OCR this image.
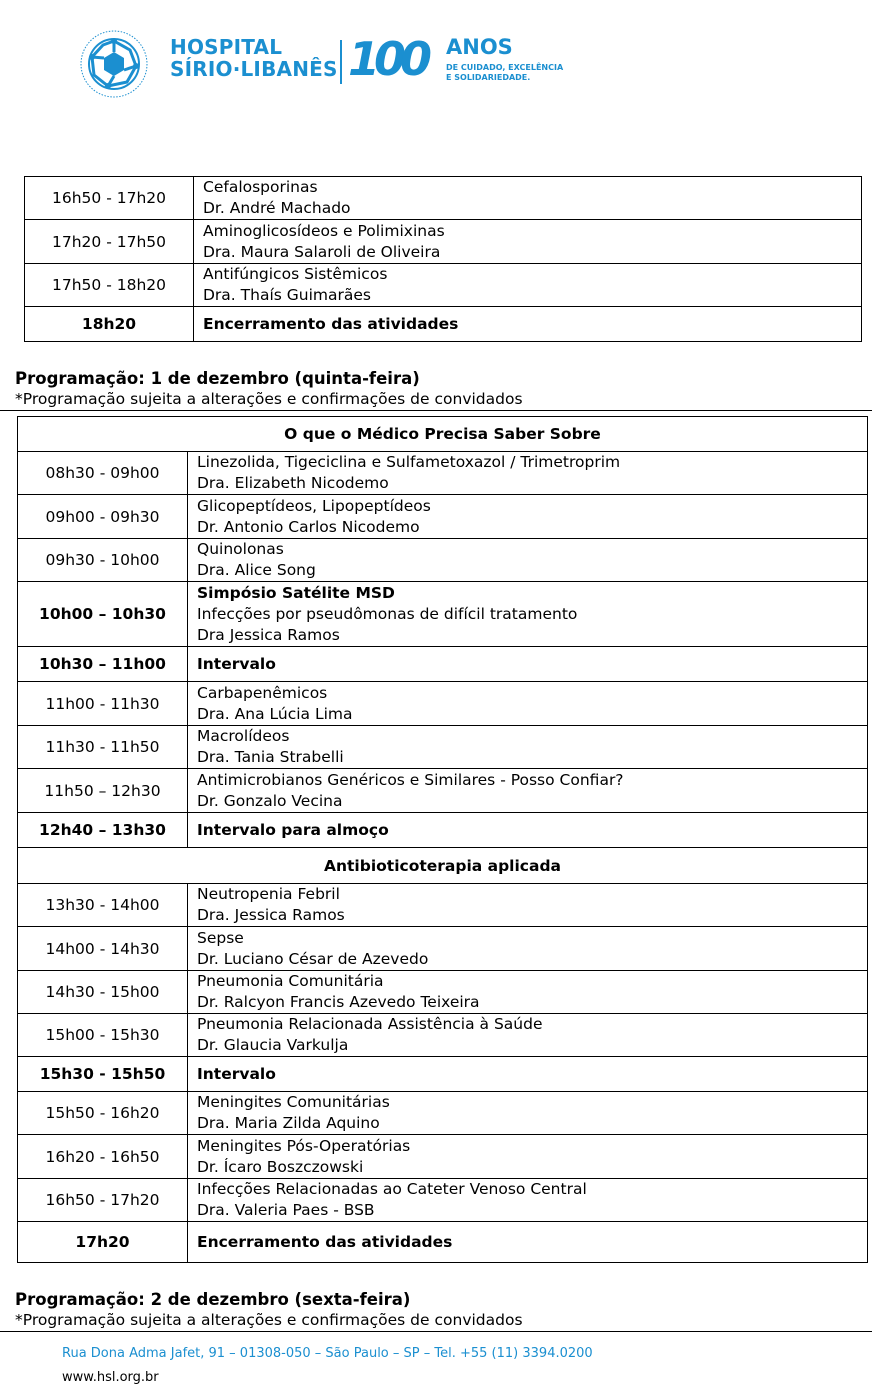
HOSPITAL
SÍRIO·LIBANÊS 100 ANOS
DE CUIDADO, EXCELÊNCIA
E SOLIDARIEDADE.
16h50 - 17h20	Cefalosporinas
Dr. André Machado

17h20 - 17h50	Aminoglicosídeos e Polimixinas
Dra. Maura Salaroli de Oliveira

17h50 - 18h20	Antifúngicos Sistêmicos
Dra. Thaís Guimarães

18h20	Encerramento das atividades
Programação: 1 de dezembro (quinta-feira)
*Programação sujeita a alterações e confirmações de convidados
O que o Médico Precisa Saber Sobre	
08h30 - 09h00	Linezolida, Tigeciclina e Sulfametoxazol / Trimetroprim
Dra. Elizabeth Nicodemo

09h00 - 09h30	Glicopeptídeos, Lipopeptídeos
Dr. Antonio Carlos Nicodemo

09h30 - 10h00	Quinolonas
Dra. Alice Song

10h00 – 10h30	Simpósio Satélite MSD
Infecções por pseudômonas de difícil tratamento
Dra Jessica Ramos

10h30 – 11h00	Intervalo
11h00 - 11h30	Carbapenêmicos
Dra. Ana Lúcia Lima

11h30 - 11h50	Macrolídeos
Dra. Tania Strabelli

11h50 – 12h30	Antimicrobianos Genéricos e Similares - Posso Confiar?
Dr. Gonzalo Vecina

12h40 – 13h30	Intervalo para almoço
Antibioticoterapia aplicada	
13h30 - 14h00	Neutropenia Febril
Dra. Jessica Ramos

14h00 - 14h30	Sepse
Dr. Luciano César de Azevedo

14h30 - 15h00	Pneumonia Comunitária
Dr. Ralcyon Francis Azevedo Teixeira

15h00 - 15h30	Pneumonia Relacionada Assistência à Saúde
Dr. Glaucia Varkulja

15h30 - 15h50	Intervalo
15h50 - 16h20	Meningites Comunitárias
Dra. Maria Zilda Aquino

16h20 - 16h50	Meningites Pós-Operatórias
Dr. Ícaro Boszczowski

16h50 - 17h20	Infecções Relacionadas ao Cateter Venoso Central
Dra. Valeria Paes - BSB

17h20	Encerramento das atividades
Programação: 2 de dezembro (sexta-feira)
*Programação sujeita a alterações e confirmações de convidados
Rua Dona Adma Jafet, 91 – 01308-050 – São Paulo – SP – Tel. +55 (11) 3394.0200
www.hsl.org.br
